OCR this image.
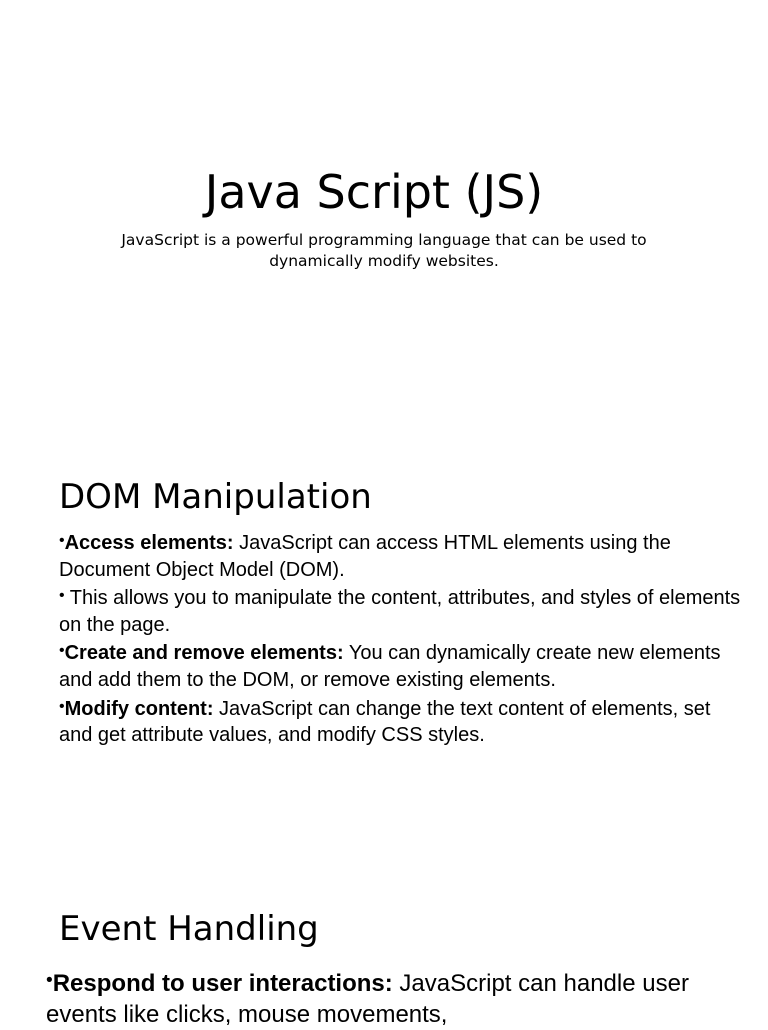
Java Script (JS)

JavaScript is a powerful programming language that can be used to dynamically modify websites.

DOM Manipulation
•Access elements: JavaScript can access HTML elements using the Document Object Model (DOM).
• This allows you to manipulate the content, attributes, and styles of elements on the page.
•Create and remove elements: You can dynamically create new elements and add them to the DOM, or remove existing elements.
•Modify content: JavaScript can change the text content of elements, set and get attribute values, and modify CSS styles.
Event Handling
•Respond to user interactions: JavaScript can handle user events like clicks, mouse movements,
